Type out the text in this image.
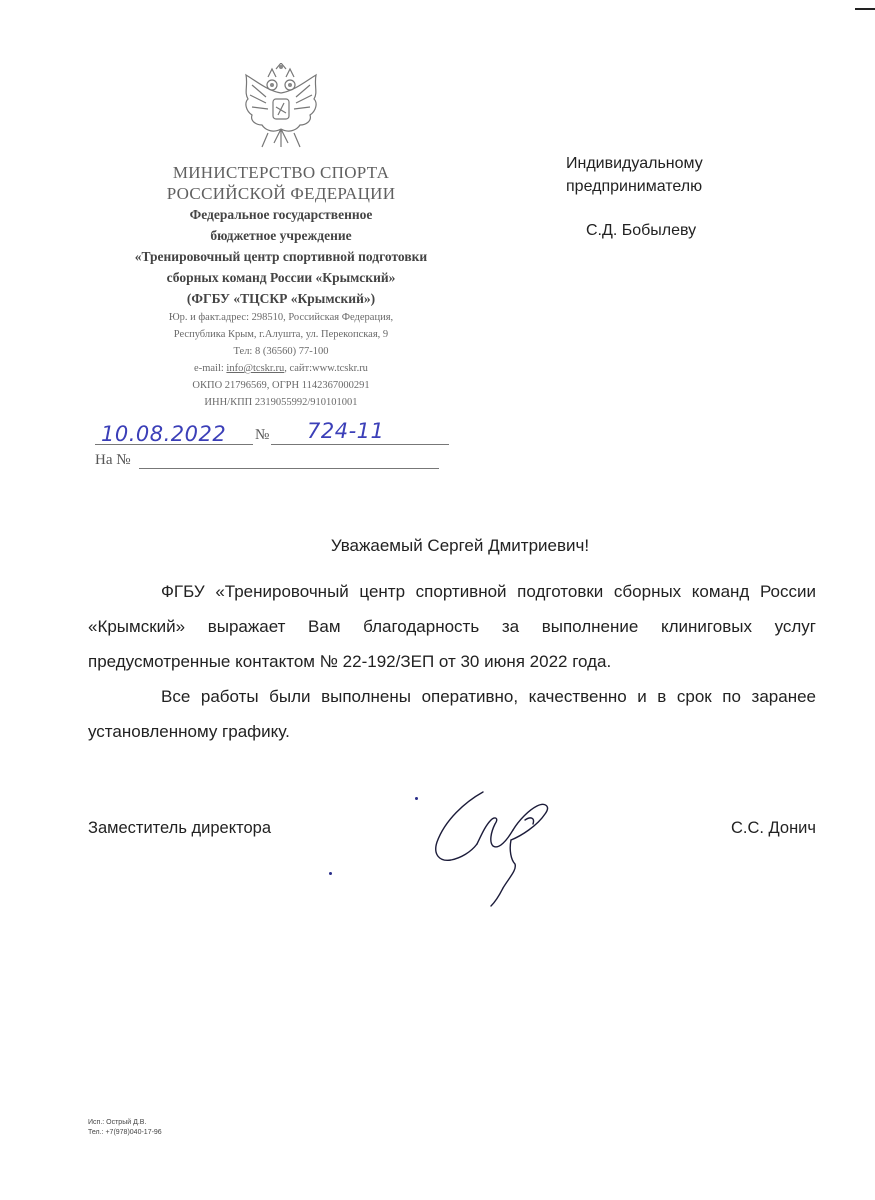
МИНИСТЕРСТВО СПОРТА
РОССИЙСКОЙ ФЕДЕРАЦИИ
Федеральное государственное
бюджетное учреждение
«Тренировочный центр спортивной подготовки
сборных команд России «Крымский»
(ФГБУ «ТЦСКР «Крымский»)
Юр. и факт.адрес: 298510, Российская Федерация,
Республика Крым, г.Алушта, ул. Перекопская, 9
Тел: 8 (36560) 77-100
e-mail: info@tcskr.ru, сайт:www.tcskr.ru
ОКПО 21796569, ОГРН 1142367000291
ИНН/КПП 2319055992/910101001
10.08.2022 № 724-11
На №
Индивидуальному
предпринимателю
С.Д. Бобылеву
Уважаемый Сергей Дмитриевич!

ФГБУ «Тренировочный центр спортивной подготовки сборных команд России «Крымский» выражает Вам благодарность за выполнение клиниговых услуг предусмотренные контактом № 22-192/ЗЕП от 30 июня 2022 года.

Все работы были выполнены оперативно, качественно и в срок по заранее установленному графику.

Заместитель директора	С.С. Донич
Исп.: Острый Д.В.
Тел.: +7(978)040-17-96
